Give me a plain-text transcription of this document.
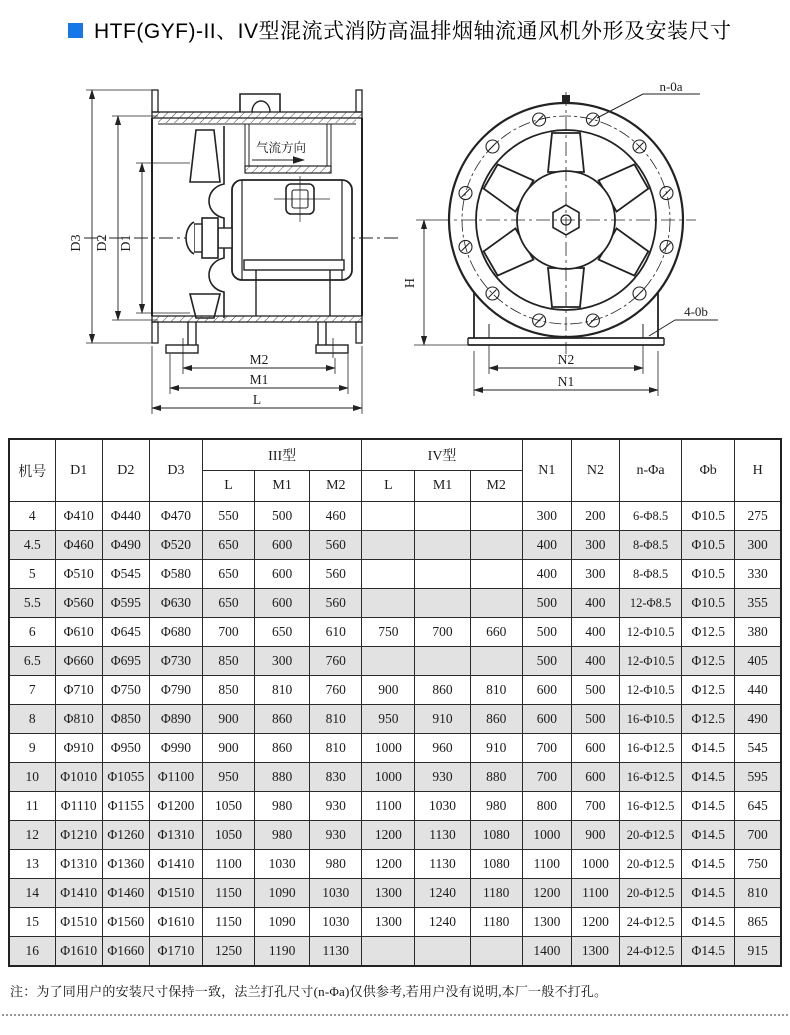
HTF(GYF)-II、IV型混流式消防高温排烟轴流通风机外形及安装尺寸
气流方向
D3 D2 D1
M2
M1
L
n-0a
4-0b
H
N2
N1
机号	D1	D2	D3	III型			IV型			N1	N2	n-Φa	Φb	H
				L	M1	M2	L	M1	M2					
4	Φ410	Φ440	Φ470	550	500	460				300	200	6-Φ8.5	Φ10.5	275
4.5	Φ460	Φ490	Φ520	650	600	560				400	300	8-Φ8.5	Φ10.5	300
5	Φ510	Φ545	Φ580	650	600	560				400	300	8-Φ8.5	Φ10.5	330
5.5	Φ560	Φ595	Φ630	650	600	560				500	400	12-Φ8.5	Φ10.5	355
6	Φ610	Φ645	Φ680	700	650	610	750	700	660	500	400	12-Φ10.5	Φ12.5	380
6.5	Φ660	Φ695	Φ730	850	300	760				500	400	12-Φ10.5	Φ12.5	405
7	Φ710	Φ750	Φ790	850	810	760	900	860	810	600	500	12-Φ10.5	Φ12.5	440
8	Φ810	Φ850	Φ890	900	860	810	950	910	860	600	500	16-Φ10.5	Φ12.5	490
9	Φ910	Φ950	Φ990	900	860	810	1000	960	910	700	600	16-Φ12.5	Φ14.5	545
10	Φ1010	Φ1055	Φ1100	950	880	830	1000	930	880	700	600	16-Φ12.5	Φ14.5	595
11	Φ1110	Φ1155	Φ1200	1050	980	930	1100	1030	980	800	700	16-Φ12.5	Φ14.5	645
12	Φ1210	Φ1260	Φ1310	1050	980	930	1200	1130	1080	1000	900	20-Φ12.5	Φ14.5	700
13	Φ1310	Φ1360	Φ1410	1100	1030	980	1200	1130	1080	1100	1000	20-Φ12.5	Φ14.5	750
14	Φ1410	Φ1460	Φ1510	1150	1090	1030	1300	1240	1180	1200	1100	20-Φ12.5	Φ14.5	810
15	Φ1510	Φ1560	Φ1610	1150	1090	1030	1300	1240	1180	1300	1200	24-Φ12.5	Φ14.5	865
16	Φ1610	Φ1660	Φ1710	1250	1190	1130				1400	1300	24-Φ12.5	Φ14.5	915
注：为了同用户的安装尺寸保持一致，法兰打孔尺寸(n-Φa)仅供参考,若用户没有说明,本厂一般不打孔。
